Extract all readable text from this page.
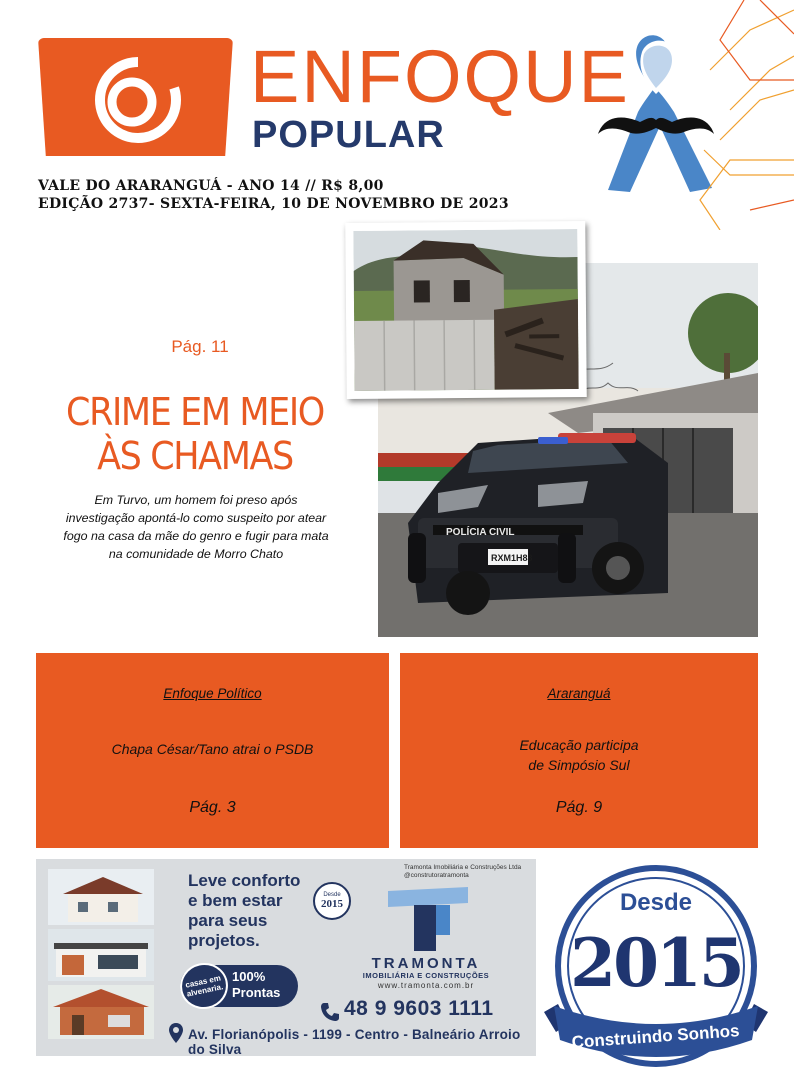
ENFOQUE
POPULAR
VALE DO ARARANGUÁ - ANO 14 // R$ 8,00
EDIÇÃO 2737- SEXTA-FEIRA, 10 DE NOVEMBRO DE 2023
POLÍCIA CIVIL
RXM1H83
Pág. 11
CRIME EM MEIO ÀS CHAMAS
Em Turvo, um homem foi preso após investigação apontá-lo como suspeito por atear fogo na casa da mãe do genro e fugir para mata na comunidade de Morro Chato
Enfoque Político
Chapa César/Tano atrai o PSDB
Pág. 3
Araranguá
Educação participa
de Simpósio Sul
Pág. 9
Leve conforto
e bem estar
para seus
projetos.
Desde
2015
Tramonta Imobiliária e Construções Ltda
@construtoratramonta
TRAMONTA
IMOBILIÁRIA E CONSTRUÇÕES
www.tramonta.com.br
casas em alvenaria.
100%
Prontas
48 9 9603 1111
Av. Florianópolis - 1199 - Centro - Balneário Arroio do Silva
Desde
2015
Construindo Sonhos
